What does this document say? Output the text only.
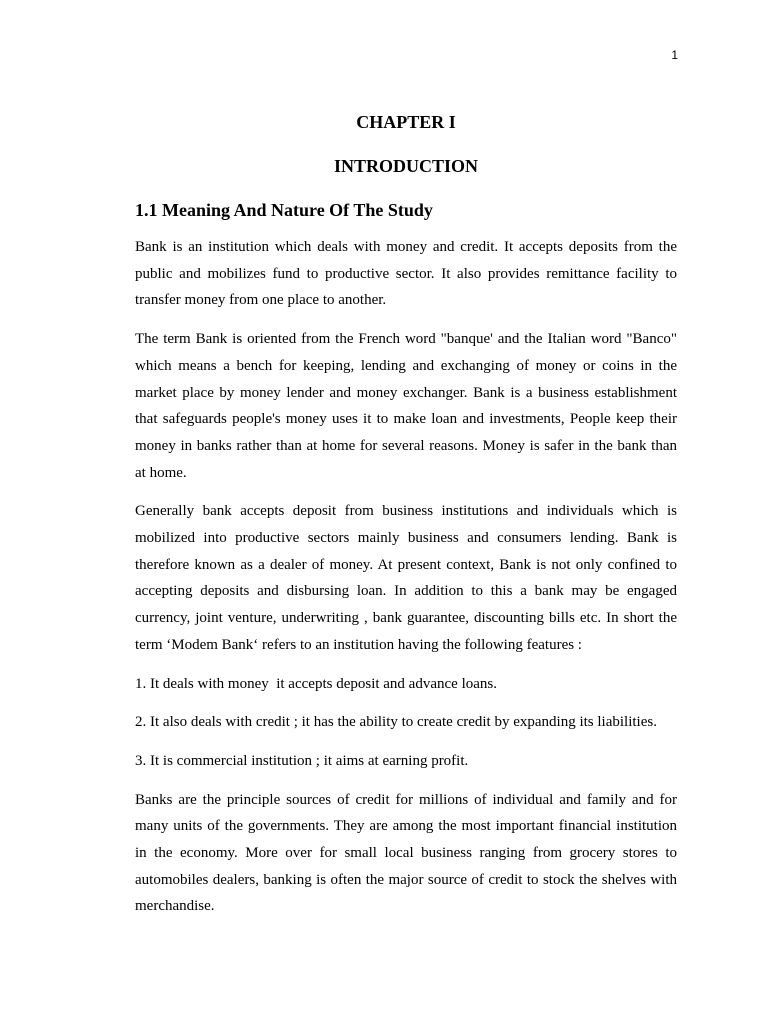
1
CHAPTER I
INTRODUCTION
1.1 Meaning And Nature Of The Study

Bank is an institution which deals with money and credit. It accepts deposits from the public and mobilizes fund to productive sector. It also provides remittance facility to transfer money from one place to another.

The term Bank is oriented from the French word "banque' and the Italian word "Banco" which means a bench for keeping, lending and exchanging of money or coins in the market place by money lender and money exchanger. Bank is a business establishment that safeguards people's money uses it to make loan and investments, People keep their money in banks rather than at home for several reasons. Money is safer in the bank than at home.

Generally bank accepts deposit from business institutions and individuals which is mobilized into productive sectors mainly business and consumers lending. Bank is therefore known as a dealer of money. At present context, Bank is not only confined to accepting deposits and disbursing loan. In addition to this a bank may be engaged currency, joint venture, underwriting , bank guarantee, discounting bills etc. In short the term ‘Modem Bank‘ refers to an institution having the following features :

1. It deals with money  it accepts deposit and advance loans.

2. It also deals with credit ; it has the ability to create credit by expanding its liabilities.

3. It is commercial institution ; it aims at earning profit.

Banks are the principle sources of credit for millions of individual and family and for many units of the governments. They are among the most important financial institution in the economy. More over for small local business ranging from grocery stores to automobiles dealers, banking is often the major source of credit to stock the shelves with merchandise.
